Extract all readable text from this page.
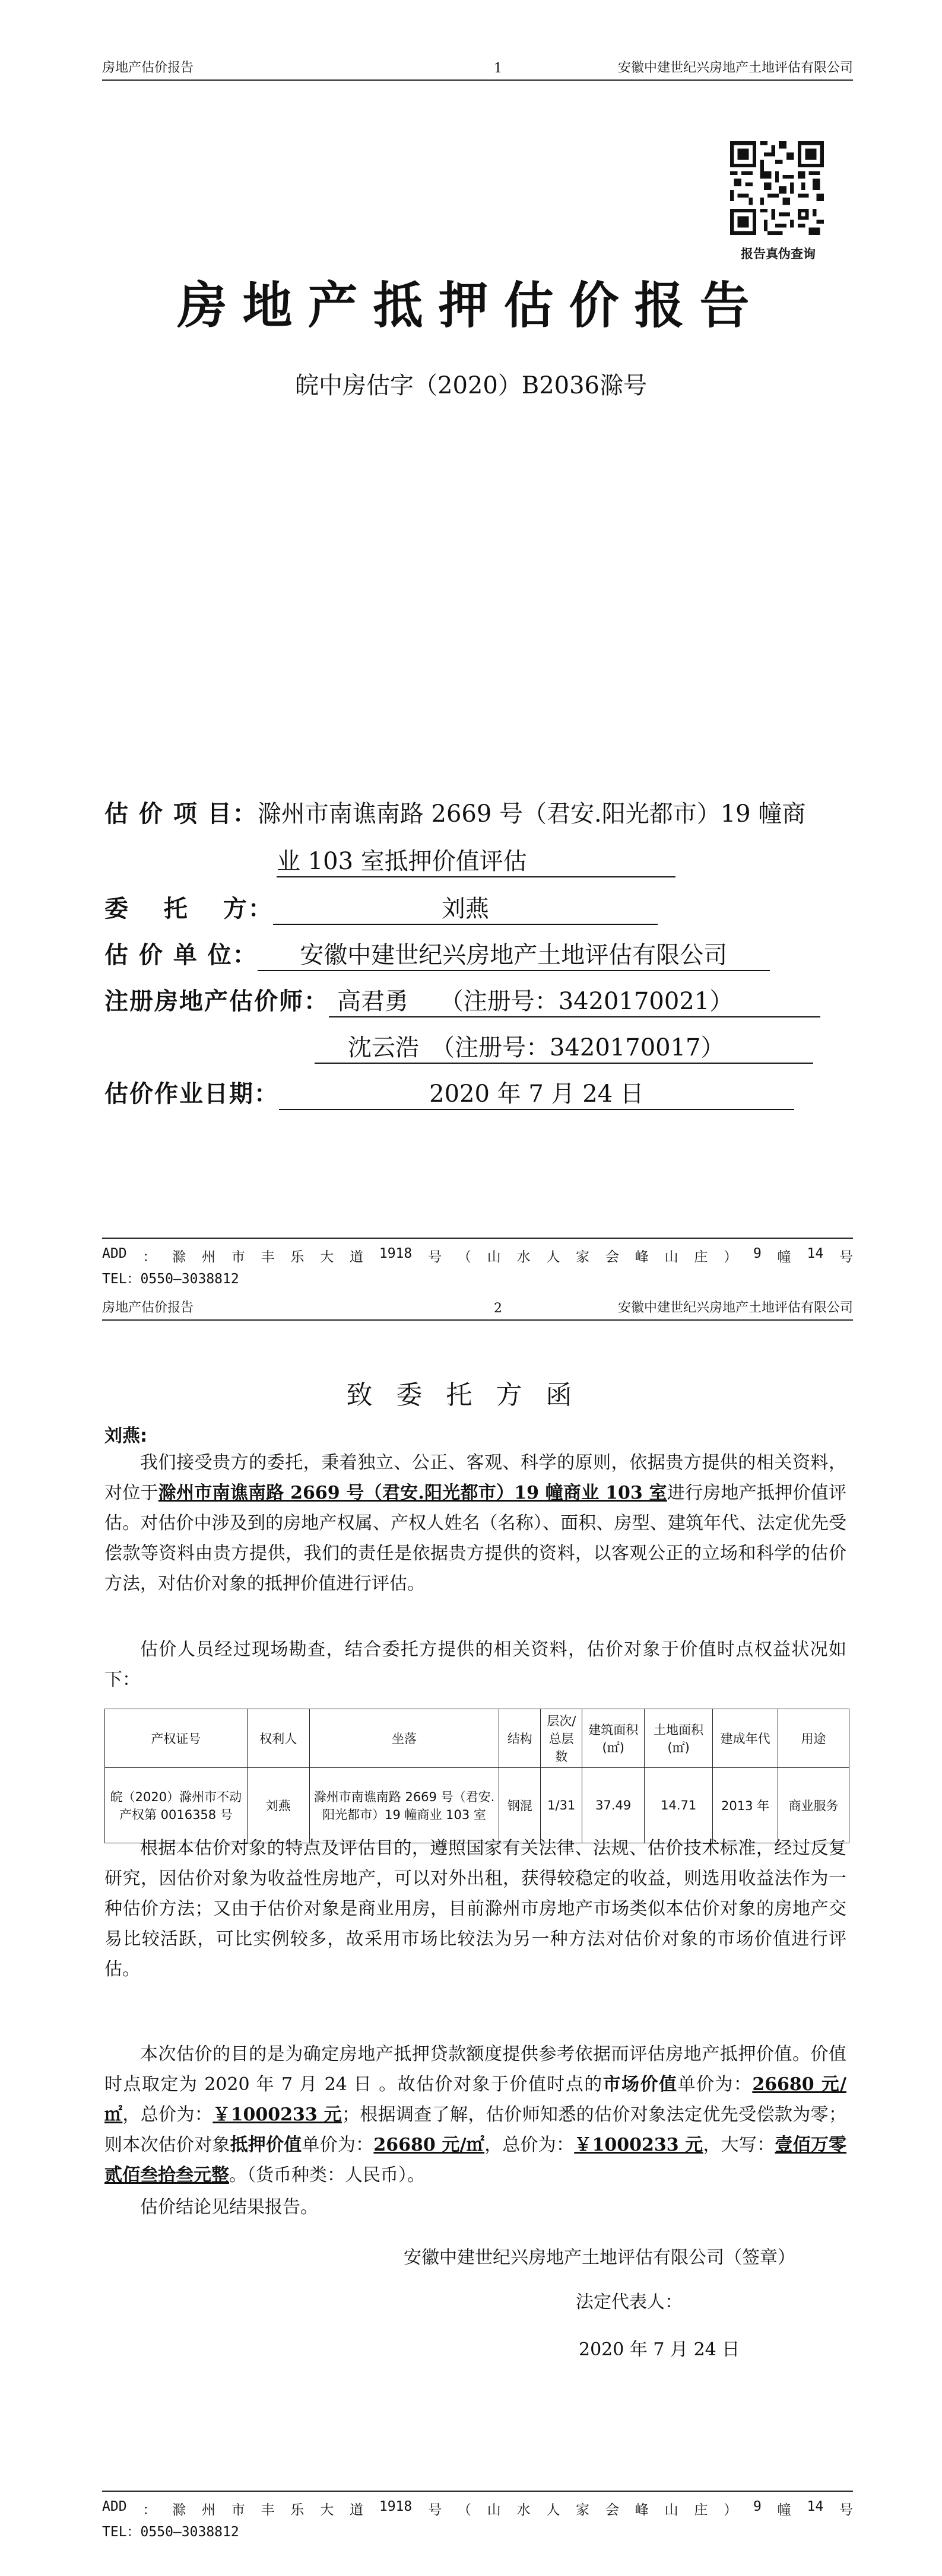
房地产估价报告	1	安徽中建世纪兴房地产土地评估有限公司
报告真伪查询
房地产抵押估价报告
皖中房估字（2020）B2036滁号
估 价 项 目：滁州市南谯南路 2669 号（君安.阳光都市）19 幢商
业 103 室抵押价值评估
委　 托 　方：	刘燕
估 价 单 位： 安徽中建世纪兴房地产土地评估有限公司
注册房地产估价师： 高君勇　 （注册号：3420170021）
沈云浩　（注册号：3420170017）
估价作业日期：	2020 年 7 月 24 日
ADD ： 滁 州 市 丰 乐 大 道 1918 号 （ 山 水 人 家 会 峰 山 庄 ） 9 幢 14 号
TEL：0550—3038812
房地产估价报告	2	安徽中建世纪兴房地产土地评估有限公司
致委托方函
刘燕:
我们接受贵方的委托，秉着独立、公正、客观、科学的原则，依据贵方提供的相关资料，对位于滁州市南谯南路 2669 号（君安.阳光都市）19 幢商业 103 室进行房地产抵押价值评估。对估价中涉及到的房地产权属、产权人姓名（名称）、面积、房型、建筑年代、法定优先受偿款等资料由贵方提供，我们的责任是依据贵方提供的资料，以客观公正的立场和科学的估价方法，对估价对象的抵押价值进行评估。
估价人员经过现场勘查，结合委托方提供的相关资料，估价对象于价值时点权益状况如下：
产权证号	权利人	坐落	结构	层次/总层数	建筑面积(㎡)	土地面积(㎡)	建成年代	用途
皖（2020）滁州市不动产权第 0016358 号	刘燕	滁州市南谯南路 2669 号（君安.阳光都市）19 幢商业 103 室	钢混	1/31	37.49	14.71	2013 年	商业服务
根据本估价对象的特点及评估目的，遵照国家有关法律、法规、估价技术标准，经过反复研究，因估价对象为收益性房地产，可以对外出租，获得较稳定的收益，则选用收益法作为一种估价方法；又由于估价对象是商业用房，目前滁州市房地产市场类似本估价对象的房地产交易比较活跃，可比实例较多，故采用市场比较法为另一种方法对估价对象的市场价值进行评估。
本次估价的目的是为确定房地产抵押贷款额度提供参考依据而评估房地产抵押价值。价值时点取定为 2020 年 7 月 24 日 。故估价对象于价值时点的市场价值单价为：26680 元/㎡，总价为：￥1000233 元；根据调查了解，估价师知悉的估价对象法定优先受偿款为零；则本次估价对象抵押价值单价为：26680 元/㎡，总价为：￥1000233 元，大写：壹佰万零贰佰叁拾叁元整。（货币种类：人民币）。
估价结论见结果报告。
安徽中建世纪兴房地产土地评估有限公司（签章）
法定代表人：
2020 年 7 月 24 日
ADD ： 滁 州 市 丰 乐 大 道 1918 号 （ 山 水 人 家 会 峰 山 庄 ） 9 幢 14 号
TEL：0550—3038812
